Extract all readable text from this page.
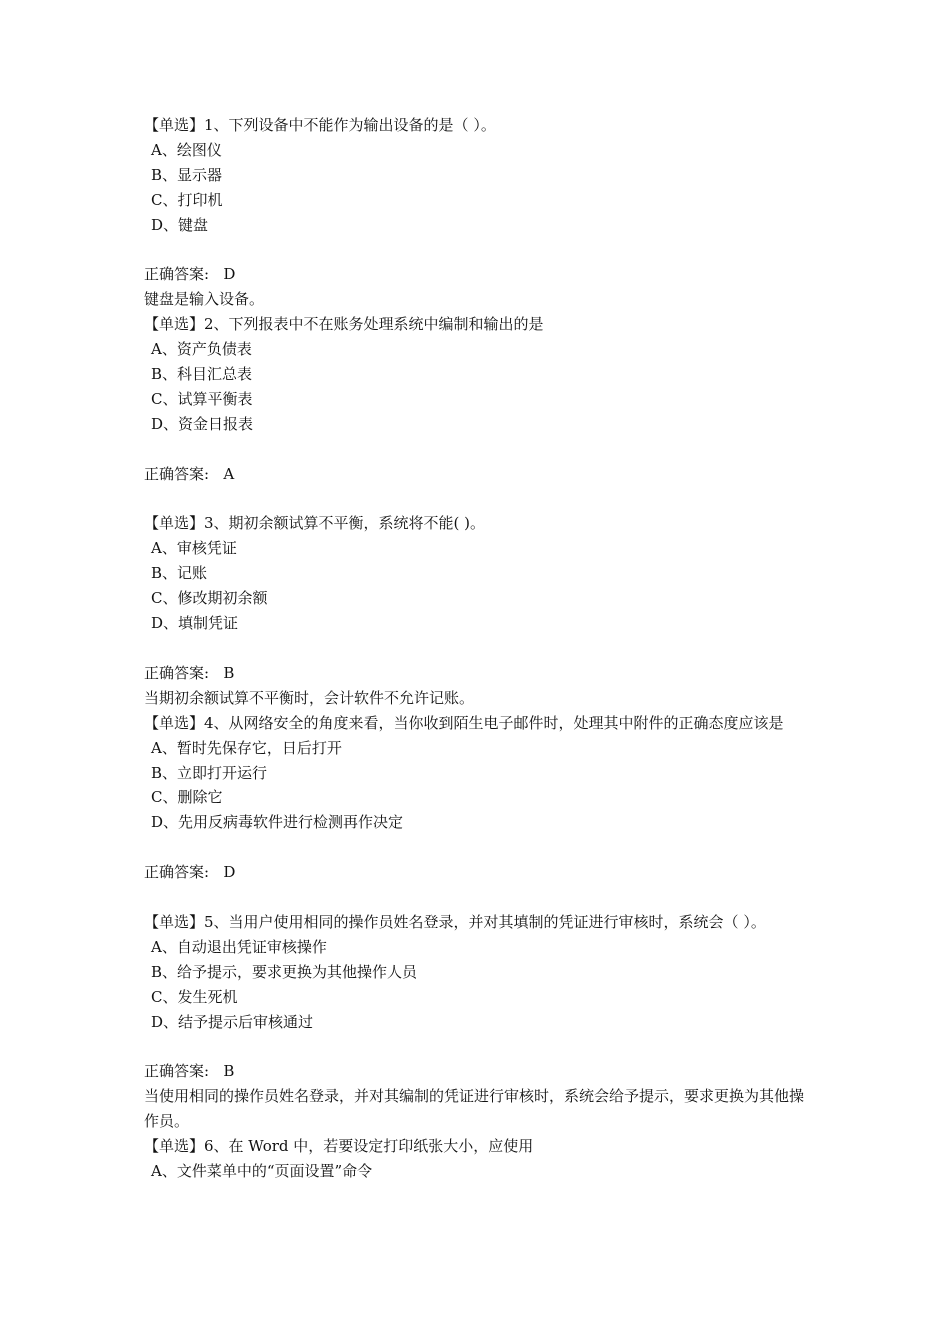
【单选】1、下列设备中不能作为输出设备的是（ ）。
A、绘图仪
B、显示器
C、打印机
D、键盘
正确答案:   D
键盘是输入设备。
【单选】2、下列报表中不在账务处理系统中编制和输出的是
A、资产负债表
B、科目汇总表
C、试算平衡表
D、资金日报表
正确答案:   A
【单选】3、期初余额试算不平衡，系统将不能( )。
A、审核凭证
B、记账
C、修改期初余额
D、填制凭证
正确答案:   B
当期初余额试算不平衡时，会计软件不允许记账。
【单选】4、从网络安全的角度来看，当你收到陌生电子邮件时，处理其中附件的正确态度应该是
A、暂时先保存它，日后打开
B、立即打开运行
C、删除它
D、先用反病毒软件进行检测再作决定
正确答案:   D
【单选】5、当用户使用相同的操作员姓名登录，并对其填制的凭证进行审核时，系统会（ ）。
A、自动退出凭证审核操作
B、给予提示，要求更换为其他操作人员
C、发生死机
D、结予提示后审核通过
正确答案:   B
当使用相同的操作员姓名登录，并对其编制的凭证进行审核时，系统会给予提示，要求更换为其他操作员。
【单选】6、在 Word 中，若要设定打印纸张大小，应使用
A、文件菜单中的“页面设置”命令
